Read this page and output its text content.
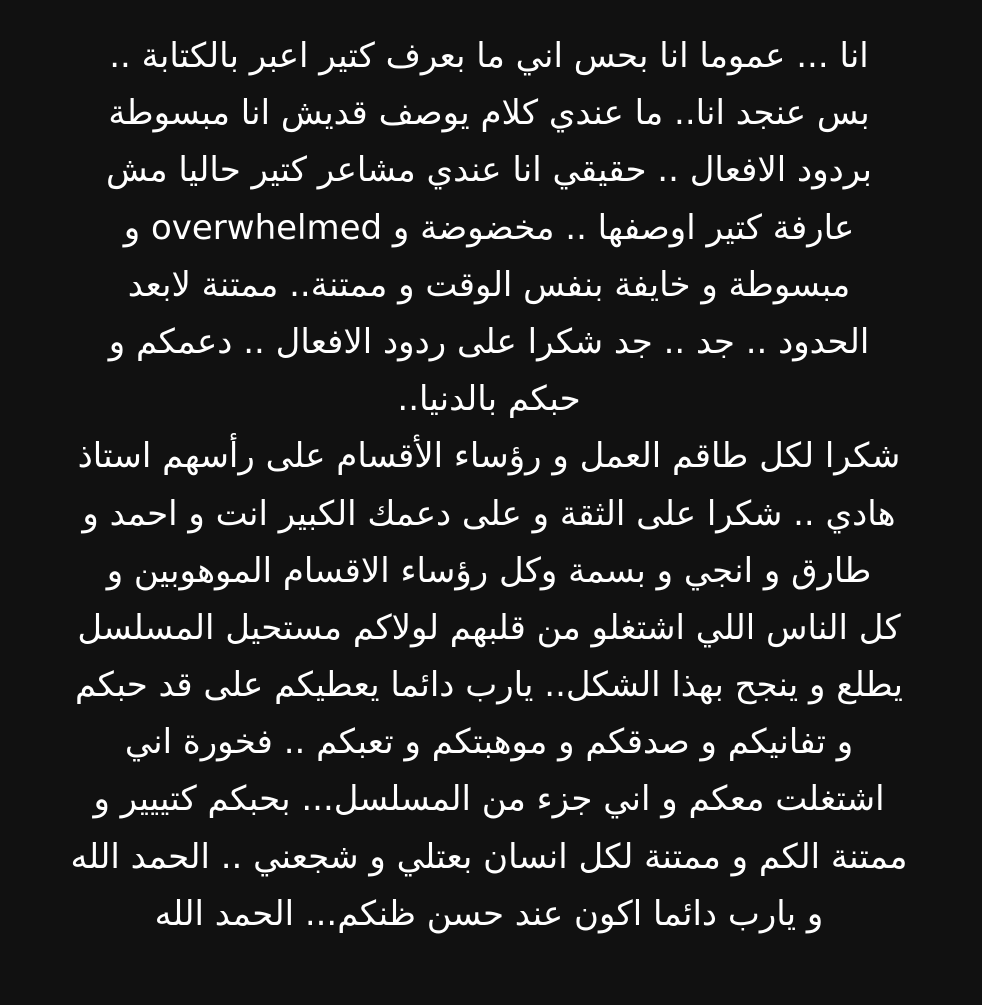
انا ... عموما انا بحس اني ما بعرف كتير اعبر بالكتابة ..
بس عنجد انا.. ما عندي كلام يوصف قديش انا مبسوطة
بردود الافعال .. حقيقي انا عندي مشاعر كتير حاليا مش
عارفة كتير اوصفها .. مخضوضة و overwhelmed و
مبسوطة و خايفة بنفس الوقت و ممتنة.. ممتنة لابعد
الحدود .. جد .. جد شكرا على ردود الافعال .. دعمكم و
حبكم بالدنيا..
شكرا لكل طاقم العمل و رؤساء الأقسام على رأسهم استاذ
هادي .. شكرا على الثقة و على دعمك الكبير انت و احمد و
طارق و انجي و بسمة وكل رؤساء الاقسام الموهوبين و
كل الناس اللي اشتغلو من قلبهم لولاكم مستحيل المسلسل
يطلع و ينجح بهذا الشكل.. يارب دائما يعطيكم على قد حبكم
و تفانيكم و صدقكم و موهبتكم و تعبكم .. فخورة اني
اشتغلت معكم و اني جزء من المسلسل... بحبكم كتييير و
ممتنة الكم و ممتنة لكل انسان بعتلي و شجعني .. الحمد الله
و يارب دائما اكون عند حسن ظنكم... الحمد الله
